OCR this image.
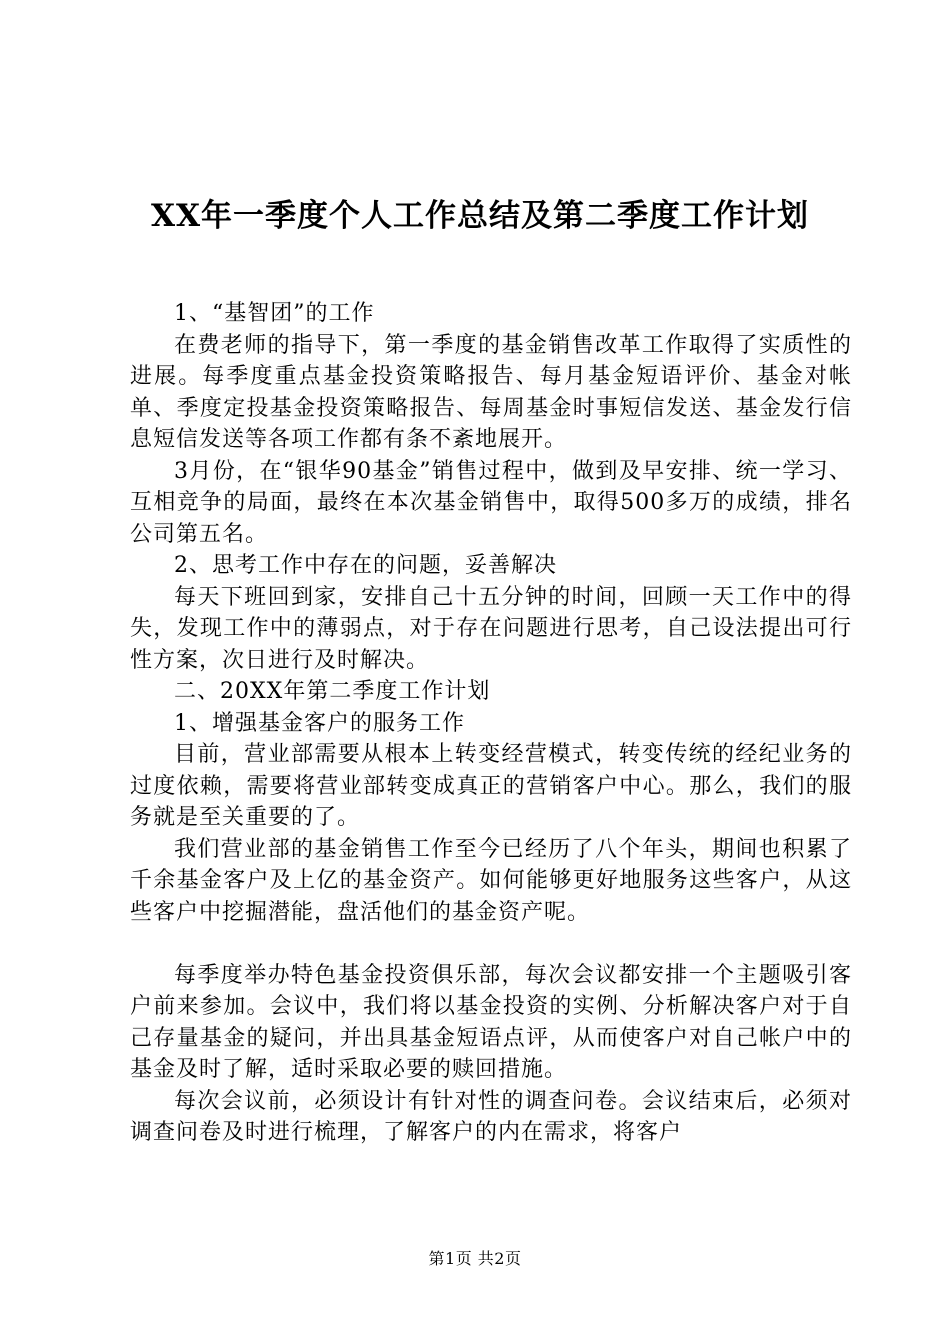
XX年一季度个人工作总结及第二季度工作计划

1、“基智团”的工作

在费老师的指导下，第一季度的基金销售改革工作取得了实质性的进展。每季度重点基金投资策略报告、每月基金短语评价、基金对帐单、季度定投基金投资策略报告、每周基金时事短信发送、基金发行信息短信发送等各项工作都有条不紊地展开。

3月份，在“银华90基金”销售过程中，做到及早安排、统一学习、互相竞争的局面，最终在本次基金销售中，取得500多万的成绩，排名公司第五名。

2、思考工作中存在的问题，妥善解决

每天下班回到家，安排自己十五分钟的时间，回顾一天工作中的得失，发现工作中的薄弱点，对于存在问题进行思考，自己设法提出可行性方案，次日进行及时解决。

二、20XX年第二季度工作计划

1、增强基金客户的服务工作

目前，营业部需要从根本上转变经营模式，转变传统的经纪业务的过度依赖，需要将营业部转变成真正的营销客户中心。那么，我们的服务就是至关重要的了。

我们营业部的基金销售工作至今已经历了八个年头，期间也积累了千余基金客户及上亿的基金资产。如何能够更好地服务这些客户，从这些客户中挖掘潜能，盘活他们的基金资产呢。

每季度举办特色基金投资俱乐部，每次会议都安排一个主题吸引客户前来参加。会议中，我们将以基金投资的实例、分析解决客户对于自己存量基金的疑问，并出具基金短语点评，从而使客户对自己帐户中的基金及时了解，适时采取必要的赎回措施。

每次会议前，必须设计有针对性的调查问卷。会议结束后，必须对调查问卷及时进行梳理，了解客户的内在需求，将客户

第1页 共2页
